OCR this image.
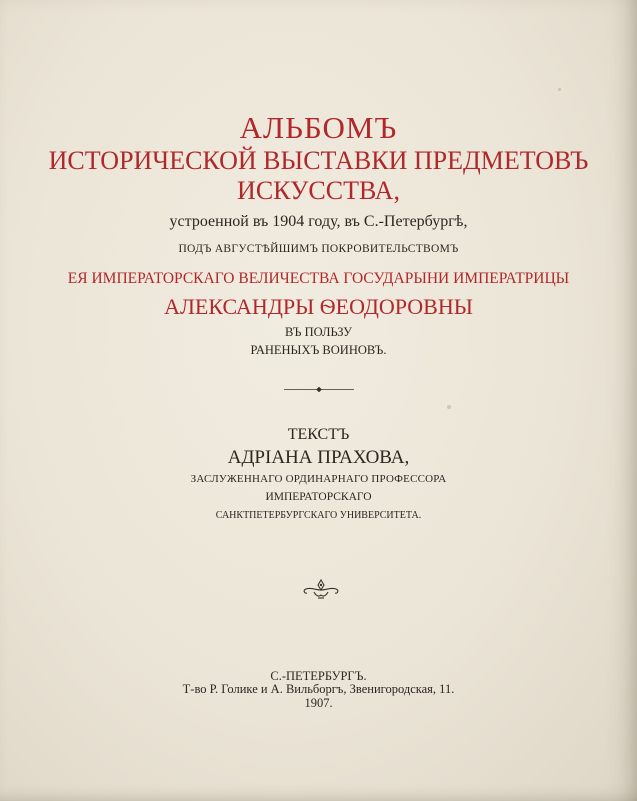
АЛЬБОМЪ
ИСТОРИЧЕСКОЙ ВЫСТАВКИ ПРЕДМЕТОВЪ
ИСКУССТВА,
устроенной въ 1904 году, въ С.-Петербургѣ,
ПОДЪ АВГУСТѢЙШИМЪ ПОКРОВИТЕЛЬСТВОМЪ
ЕЯ ИМПЕРАТОРСКАГО ВЕЛИЧЕСТВА ГОСУДАРЫНИ ИМПЕРАТРИЦЫ
АЛЕКСАНДРЫ ѲЕОДОРОВНЫ
ВЪ ПОЛЬЗУ
РАНЕНЫХЪ ВОИНОВЪ.
ТЕКСТЪ
АДРІАНА ПРАХОВА,
ЗАСЛУЖЕННАГО ОРДИНАРНАГО ПРОФЕССОРА
ИМПЕРАТОРСКАГО
САНКТПЕТЕРБУРГСКАГО УНИВЕРСИТЕТА.
С.-ПЕТЕРБУРГЪ.
Т-во Р. Голике и А. Вильборгъ, Звенигородская, 11.
1907.
